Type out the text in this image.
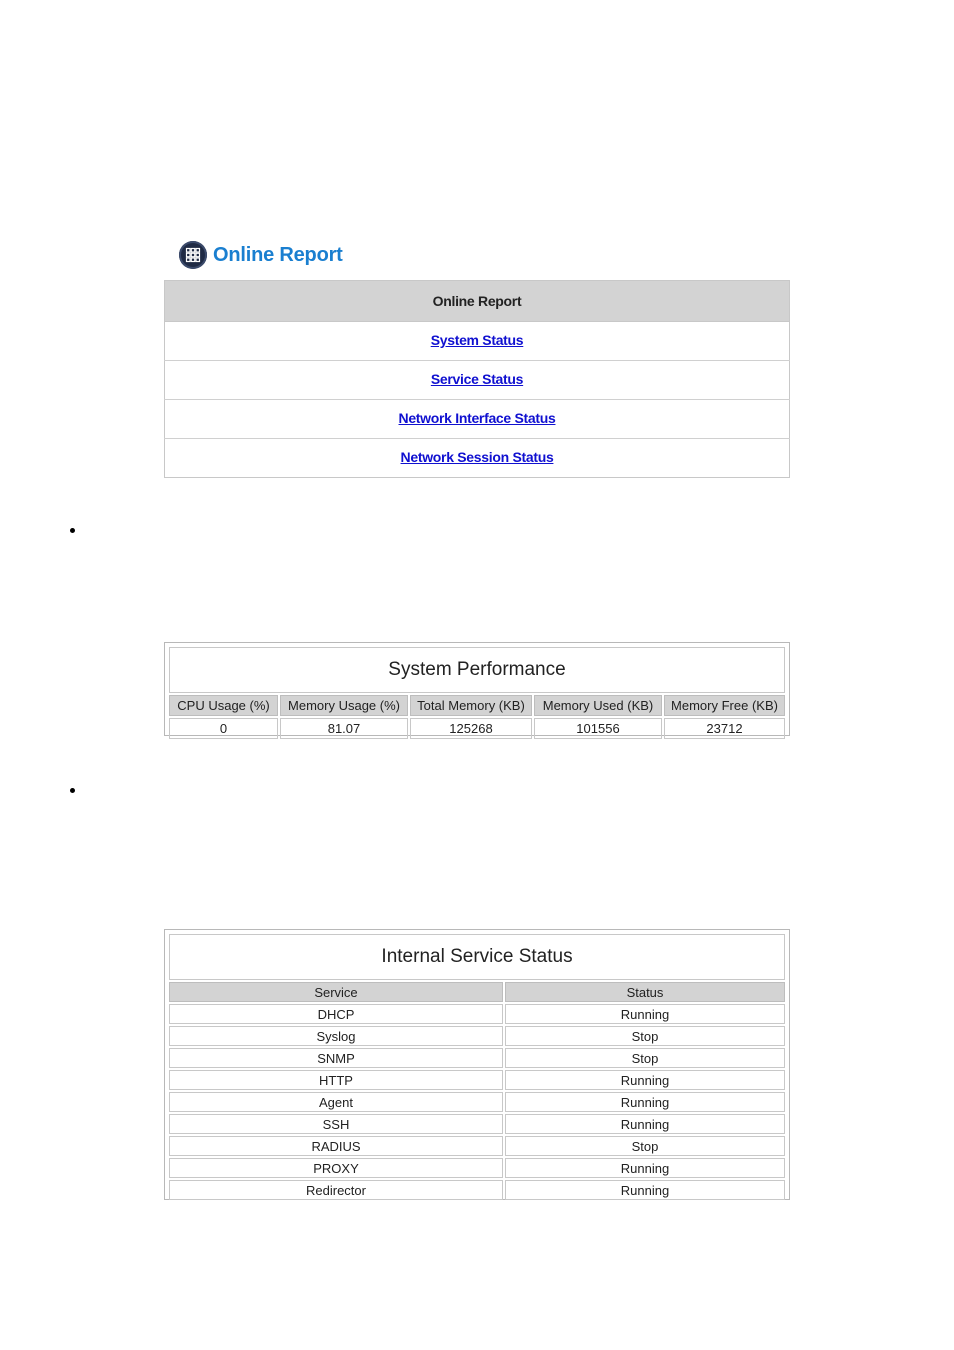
Online Report
Online Report
System Status
Service Status
Network Interface Status
Network Session Status
System Performance				
CPU Usage (%)	Memory Usage (%)	Total Memory (KB)	Memory Used (KB)	Memory Free (KB)
0	81.07	125268	101556	23712
Internal Service Status	
Service	Status
DHCP	Running
Syslog	Stop
SNMP	Stop
HTTP	Running
Agent	Running
SSH	Running
RADIUS	Stop
PROXY	Running
Redirector	Running
